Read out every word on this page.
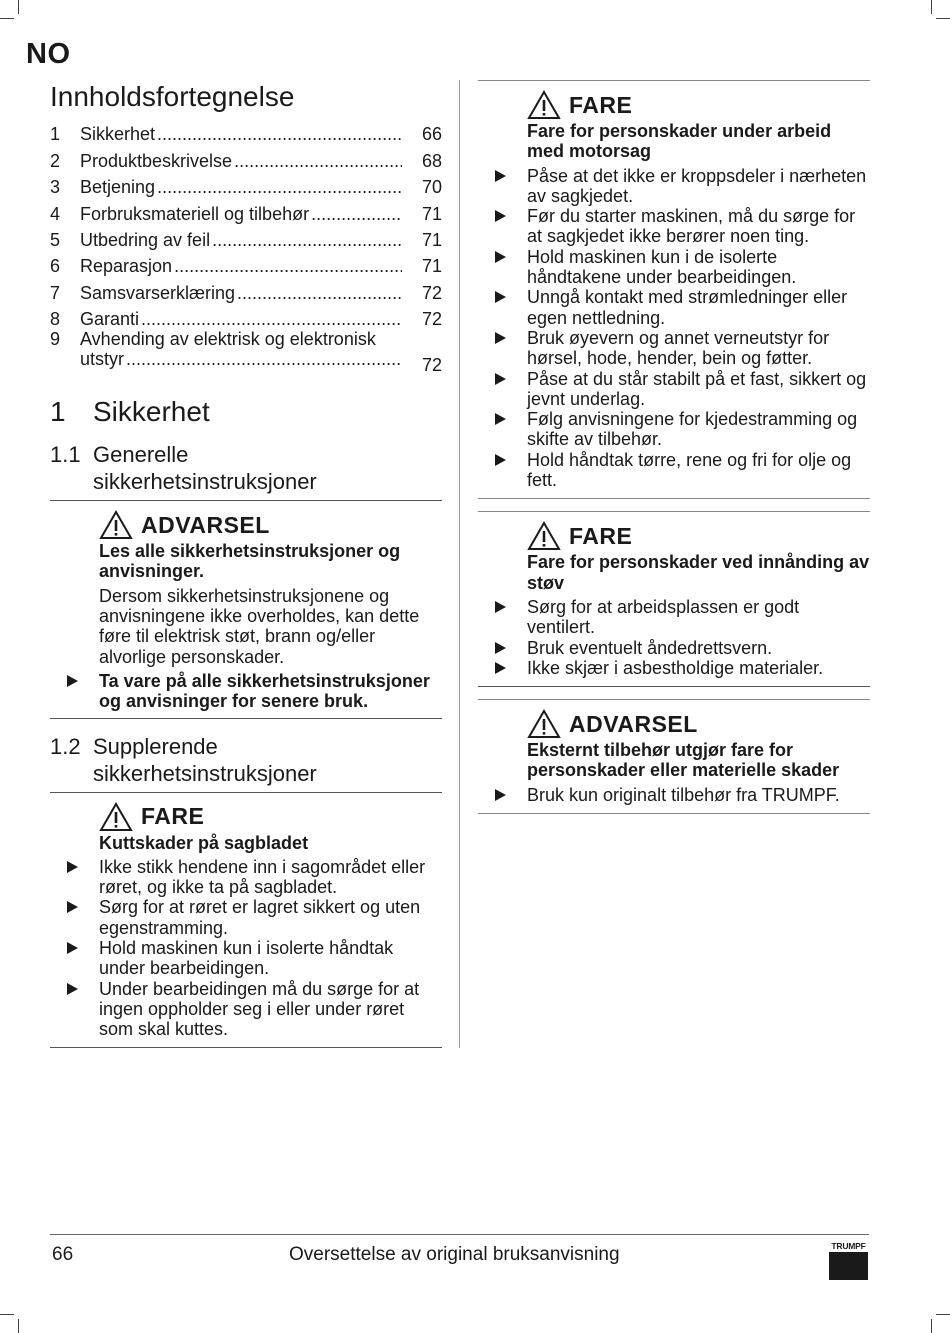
NO
Innholdsfortegnelse
1	Sikkerhet .....	66
2	Produktbeskrivelse .....	68
3	Betjening .....	70
4	Forbruksmateriell og tilbehør .....	71
5	Utbedring av feil .....	71
6	Reparasjon .....	71
7	Samsvarserklæring .....	72
8	Garanti .....	72
9	Avhending av elektrisk og elektronisk
utstyr .....	72
1 Sikkerhet
1.1 Generelle
sikkerhetsinstruksjoner
ADVARSEL

Les alle sikkerhetsinstruksjoner og anvisninger.

Dersom sikkerhetsinstruksjonene og anvisningene ikke overholdes, kan dette føre til elektrisk støt, brann og/eller alvorlige personskader.

Ta vare på alle sikkerhetsinstruksjoner og anvisninger for senere bruk.
1.2 Supplerende
sikkerhetsinstruksjoner
FARE

Kuttskader på sagbladet

Ikke stikk hendene inn i sagområdet eller røret, og ikke ta på sagbladet.
Sørg for at røret er lagret sikkert og uten egenstramming.
Hold maskinen kun i isolerte håndtak under bearbeidingen.
Under bearbeidingen må du sørge for at ingen oppholder seg i eller under røret som skal kuttes.
FARE

Fare for personskader under arbeid med motorsag

Påse at det ikke er kroppsdeler i nærheten av sagkjedet.
Før du starter maskinen, må du sørge for at sagkjedet ikke berører noen ting.
Hold maskinen kun i de isolerte håndtakene under bearbeidingen.
Unngå kontakt med strømledninger eller egen nettledning.
Bruk øyevern og annet verneutstyr for hørsel, hode, hender, bein og føtter.
Påse at du står stabilt på et fast, sikkert og jevnt underlag.
Følg anvisningene for kjedestramming og skifte av tilbehør.
Hold håndtak tørre, rene og fri for olje og fett.
FARE

Fare for personskader ved innånding av støv

Sørg for at arbeidsplassen er godt ventilert.
Bruk eventuelt åndedrettsvern.
Ikke skjær i asbestholdige materialer.
ADVARSEL

Eksternt tilbehør utgjør fare for personskader eller materielle skader

Bruk kun originalt tilbehør fra TRUMPF.
66	Oversettelse av original bruksanvisning	TRUMPF
